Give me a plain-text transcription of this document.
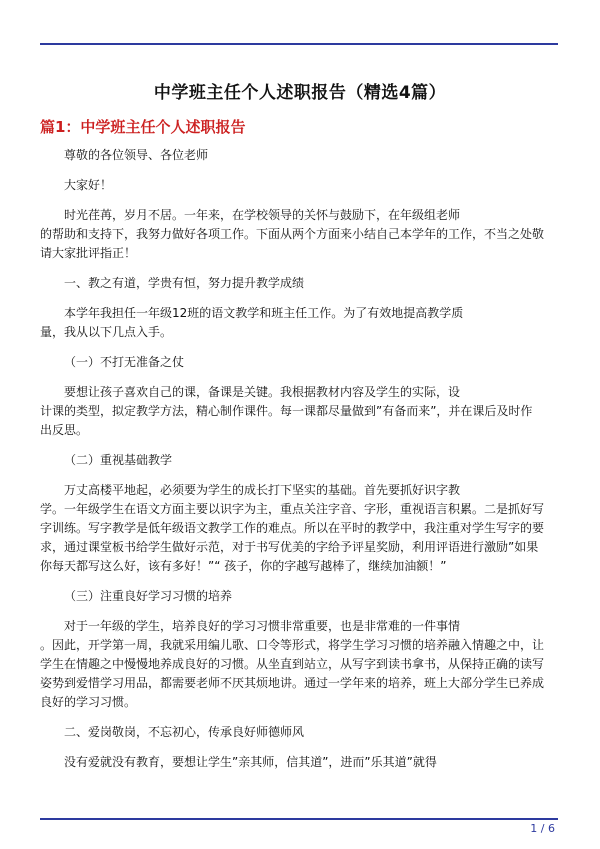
中学班主任个人述职报告（精选4篇）
篇1：中学班主任个人述职报告
尊敬的各位领导、各位老师
大家好！
时光荏苒，岁月不居。一年来，在学校领导的关怀与鼓励下，在年级组老师
的帮助和支持下，我努力做好各项工作。下面从两个方面来小结自己本学年的工作，不当之处敬
请大家批评指正！
一、教之有道，学贵有恒，努力提升教学成绩
本学年我担任一年级12班的语文教学和班主任工作。为了有效地提高教学质
量，我从以下几点入手。
（一）不打无准备之仗
要想让孩子喜欢自己的课，备课是关键。我根据教材内容及学生的实际，设
计课的类型，拟定教学方法，精心制作课件。每一课都尽量做到”有备而来”，并在课后及时作
出反思。
（二）重视基础教学
万丈高楼平地起，必须要为学生的成长打下坚实的基础。首先要抓好识字教
学。一年级学生在语文方面主要以识字为主，重点关注字音、字形，重视语言积累。二是抓好写
字训练。写字教学是低年级语文教学工作的难点。所以在平时的教学中，我注重对学生写字的要
求，通过课堂板书给学生做好示范，对于书写优美的字给予评星奖励，利用评语进行激励”如果
你每天都写这么好，该有多好！”“ 孩子，你的字越写越棒了，继续加油额！”
（三）注重良好学习习惯的培养
对于一年级的学生，培养良好的学习习惯非常重要，也是非常难的一件事情
。因此，开学第一周，我就采用编儿歌、口令等形式，将学生学习习惯的培养融入情趣之中，让
学生在情趣之中慢慢地养成良好的习惯。从坐直到站立，从写字到读书拿书，从保持正确的读写
姿势到爱惜学习用品，都需要老师不厌其烦地讲。通过一学年来的培养，班上大部分学生已养成
良好的学习习惯。
二、爱岗敬岗，不忘初心，传承良好师德师风
没有爱就没有教育，要想让学生”亲其师，信其道”，进而”乐其道”就得
1 / 6
